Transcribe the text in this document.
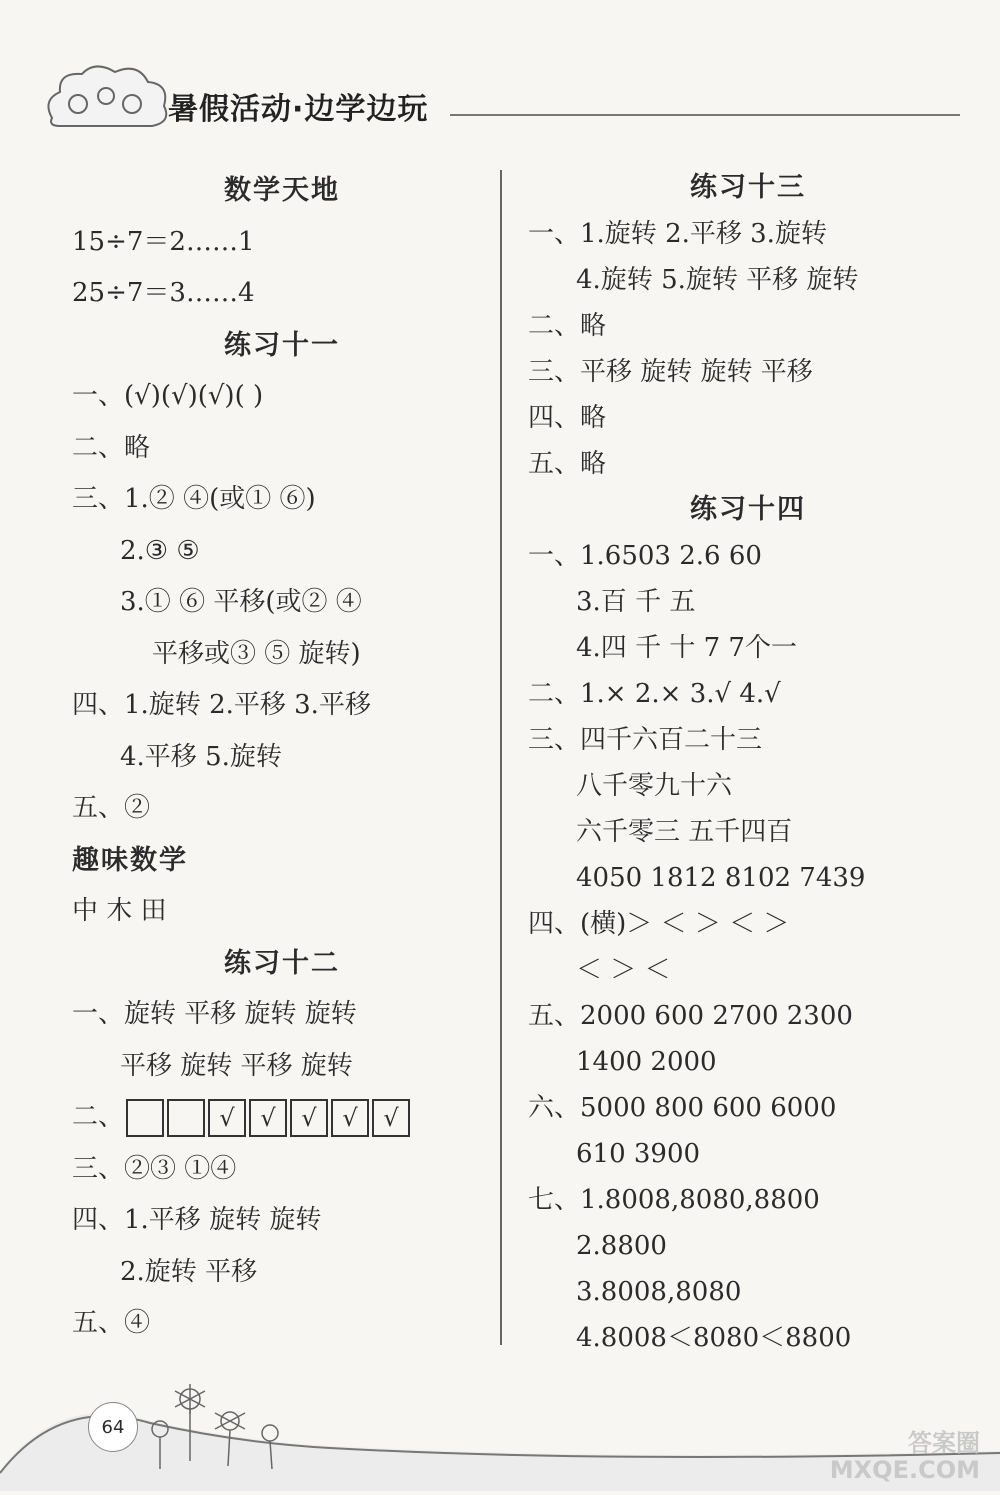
暑假活动·边学边玩
数学天地
15÷7＝2……1
25÷7＝3……4
练习十一
一、(√)(√)(√)( )
二、略
三、1.② ④(或① ⑥)
2.③ ⑤
3.① ⑥ 平移(或② ④
平移或③ ⑤ 旋转)
四、1.旋转 2.平移 3.平移
4.平移 5.旋转
五、②
趣味数学
中 木 田
练习十二
一、旋转 平移 旋转 旋转
平移 旋转 平移 旋转
二、	√	√	√	√	√
三、②③ ①④
四、1.平移 旋转 旋转
2.旋转 平移
五、④
练习十三
一、1.旋转 2.平移 3.旋转
4.旋转 5.旋转 平移 旋转
二、略
三、平移 旋转 旋转 平移
四、略
五、略
练习十四
一、1.6503 2.6 60
3.百 千 五
4.四 千 十 7 7个一
二、1.× 2.× 3.√ 4.√
三、四千六百二十三
八千零九十六
六千零三 五千四百
4050 1812 8102 7439
四、(横)＞ ＜ ＞ ＜ ＞
＜ ＞ ＜
五、2000 600 2700 2300
1400 2000
六、5000 800 600 6000
610 3900
七、1.8008,8080,8800
2.8800
3.8008,8080
4.8008＜8080＜8800
答案圈
MXQE.COM
64
